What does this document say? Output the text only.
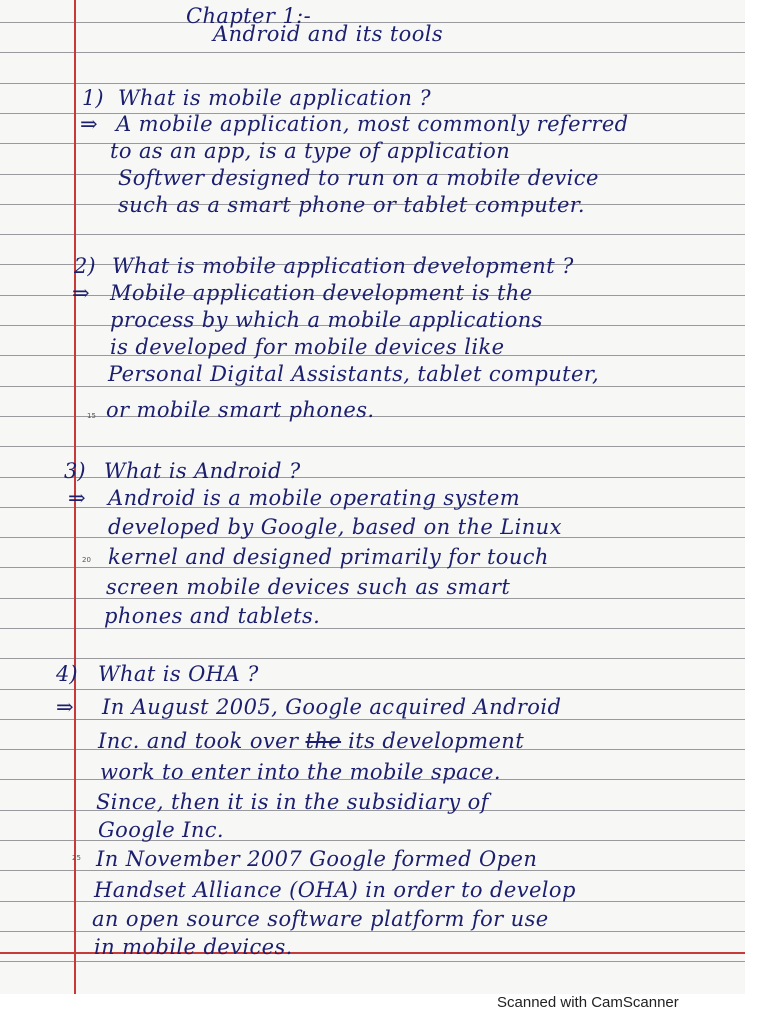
Chapter 1:-
Android and its tools
1) What is mobile application ?
⇒ A mobile application, most commonly referred
to as an app, is a type of application
Softwer designed to run on a mobile device
such as a smart phone or tablet computer.
2) What is mobile application development ?
⇒ Mobile application development is the
process by which a mobile applications
is developed for mobile devices like
Personal Digital Assistants, tablet computer,
or mobile smart phones.
15
3) What is Android ?
⇒ Android is a mobile operating system
developed by Google, based on the Linux
kernel and designed primarily for touch
20
screen mobile devices such as smart
phones and tablets.
4) What is OHA ?
⇒ In August 2005, Google acquired Android
Inc. and took over the its development
work to enter into the mobile space.
Since, then it is in the subsidiary of
Google Inc.
25 In November 2007 Google formed Open
Handset Alliance (OHA) in order to develop
an open source software platform for use
in mobile devices.
Scanned with CamScanner
